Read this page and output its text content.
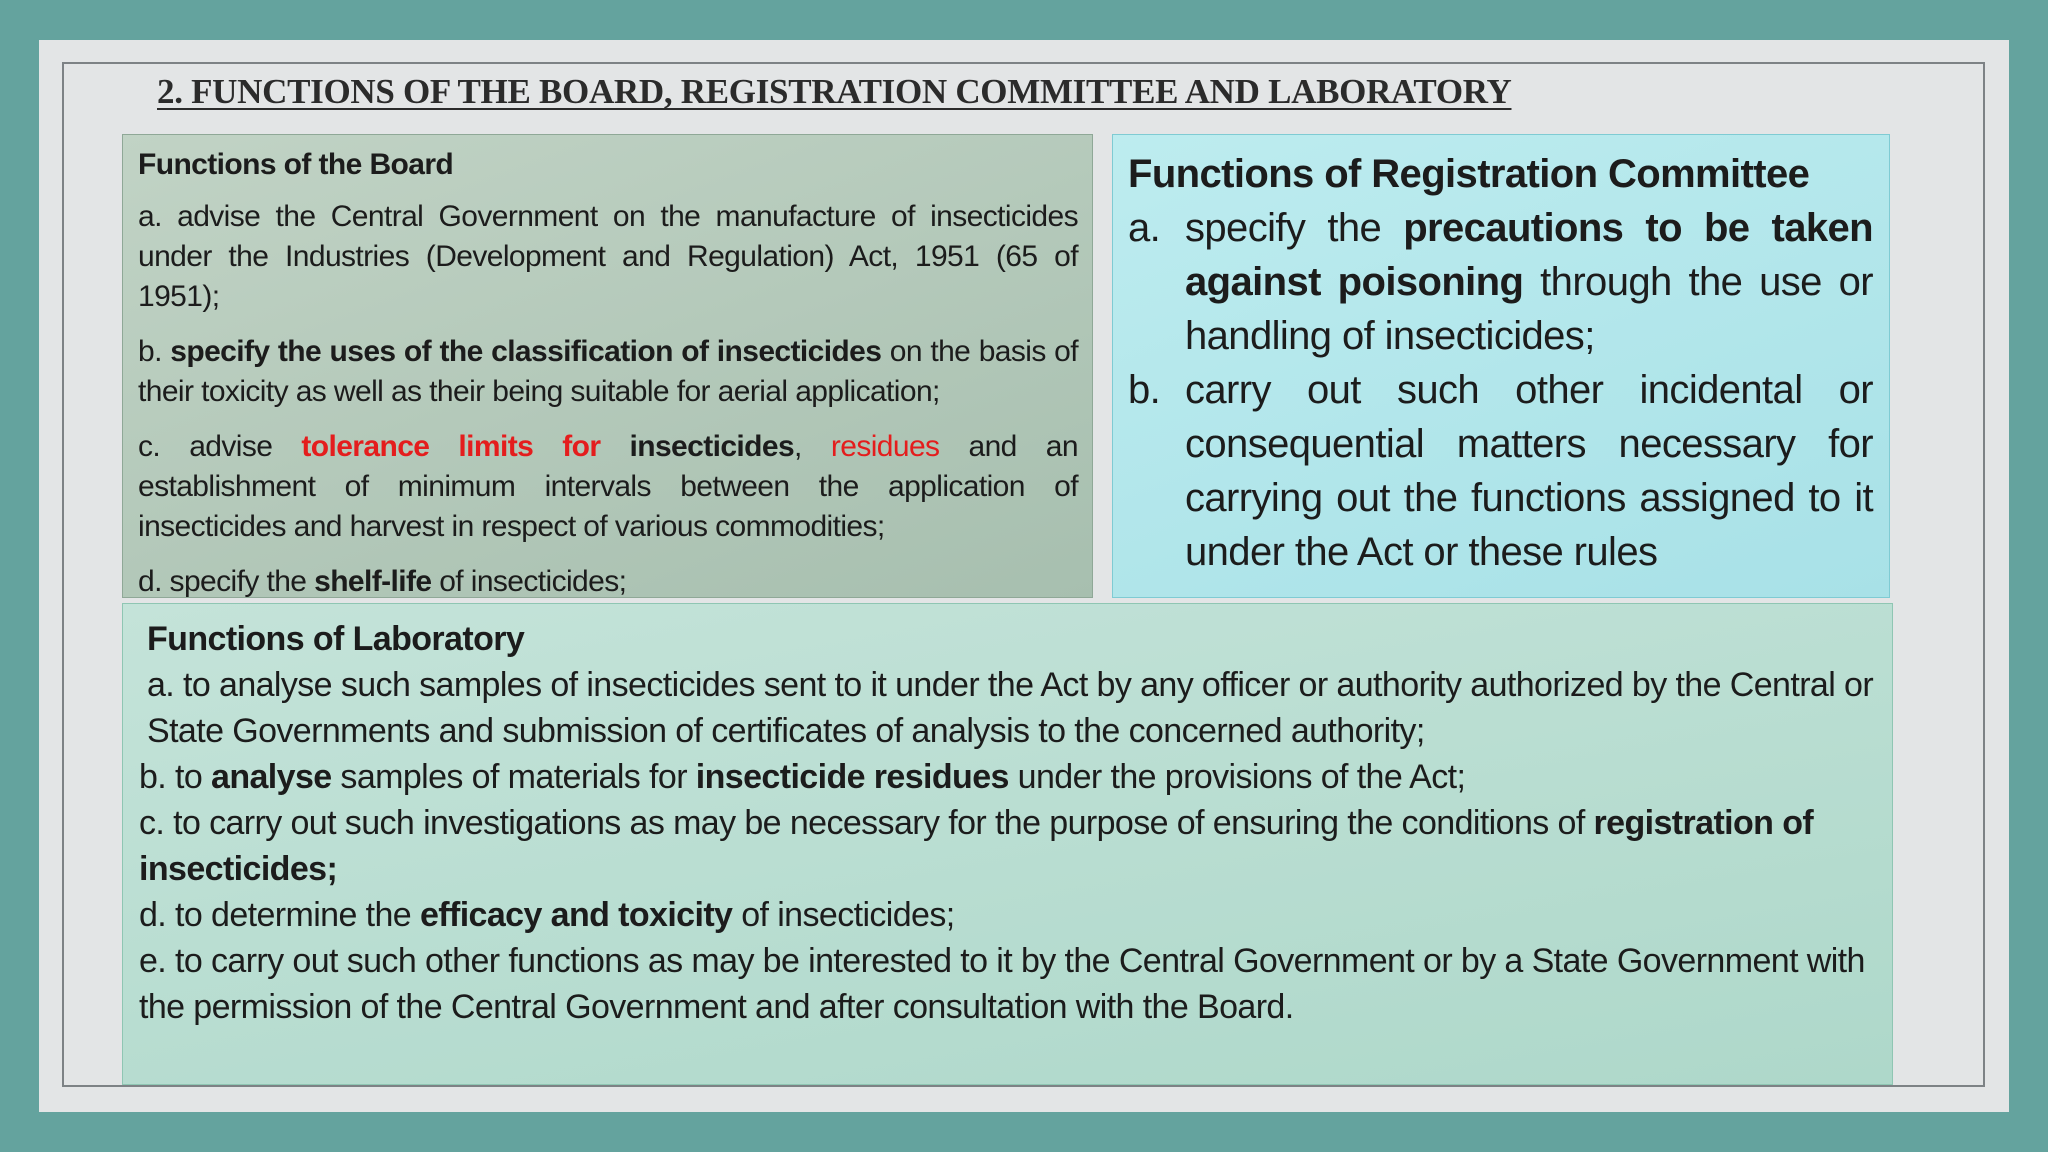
2. FUNCTIONS OF THE BOARD, REGISTRATION COMMITTEE AND LABORATORY
Functions of the Board

a. advise the Central Government on the manufacture of insecticides under the Industries (Development and Regulation) Act, 1951 (65 of 1951);

b. specify the uses of the classification of insecticides on the basis of their toxicity as well as their being suitable for aerial application;

c. advise tolerance limits for insecticides, residues and an establishment of minimum intervals between the application of insecticides and harvest in respect of various commodities;

d. specify the shelf-life of insecticides;

Functions of Registration Committee
a. specify the precautions to be taken against poisoning through the use or handling of insecticides;
b. carry out such other incidental or consequential matters necessary for carrying out the functions assigned to it under the Act or these rules
Functions of Laboratory

a. to analyse such samples of insecticides sent to it under the Act by any officer or authority authorized by the Central or State Governments and submission of certificates of analysis to the concerned authority;

b. to analyse samples of materials for insecticide residues under the provisions of the Act;

c. to carry out such investigations as may be necessary for the purpose of ensuring the conditions of registration of insecticides;

d. to determine the efficacy and toxicity of insecticides;

e. to carry out such other functions as may be interested to it by the Central Government or by a State Government with the permission of the Central Government and after consultation with the Board.
